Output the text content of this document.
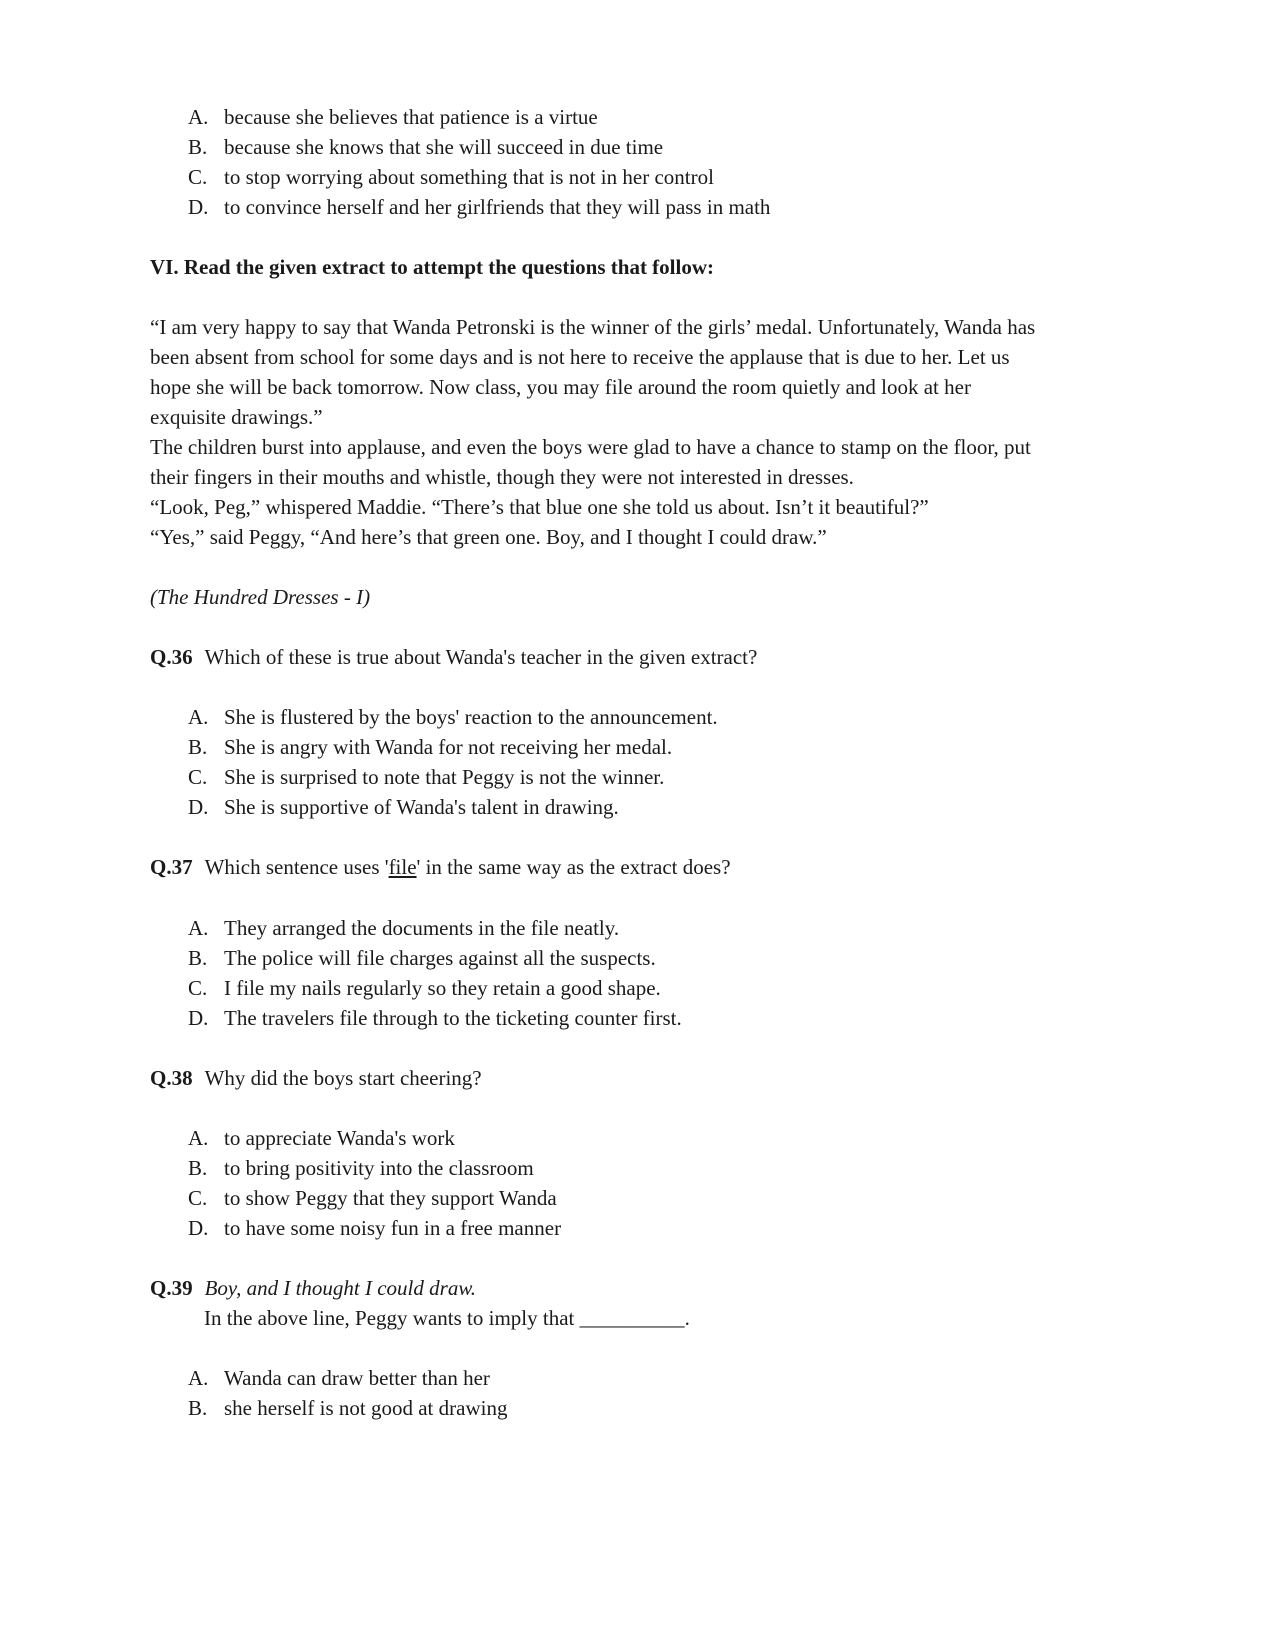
A. because she believes that patience is a virtue
B. because she knows that she will succeed in due time
C. to stop worrying about something that is not in her control
D. to convince herself and her girlfriends that they will pass in math
VI. Read the given extract to attempt the questions that follow:
“I am very happy to say that Wanda Petronski is the winner of the girls’ medal. Unfortunately, Wanda has
been absent from school for some days and is not here to receive the applause that is due to her. Let us
hope she will be back tomorrow. Now class, you may file around the room quietly and look at her
exquisite drawings.”
The children burst into applause, and even the boys were glad to have a chance to stamp on the floor, put
their fingers in their mouths and whistle, though they were not interested in dresses.
“Look, Peg,” whispered Maddie. “There’s that blue one she told us about. Isn’t it beautiful?”
“Yes,” said Peggy, “And here’s that green one. Boy, and I thought I could draw.”
(The Hundred Dresses - I)
Q.36 Which of these is true about Wanda's teacher in the given extract?
A. She is flustered by the boys' reaction to the announcement.
B. She is angry with Wanda for not receiving her medal.
C. She is surprised to note that Peggy is not the winner.
D. She is supportive of Wanda's talent in drawing.
Q.37 Which sentence uses 'file' in the same way as the extract does?
A. They arranged the documents in the file neatly.
B. The police will file charges against all the suspects.
C. I file my nails regularly so they retain a good shape.
D. The travelers file through to the ticketing counter first.
Q.38 Why did the boys start cheering?
A. to appreciate Wanda's work
B. to bring positivity into the classroom
C. to show Peggy that they support Wanda
D. to have some noisy fun in a free manner
Q.39 Boy, and I thought I could draw.
In the above line, Peggy wants to imply that __________.
A. Wanda can draw better than her
B. she herself is not good at drawing
